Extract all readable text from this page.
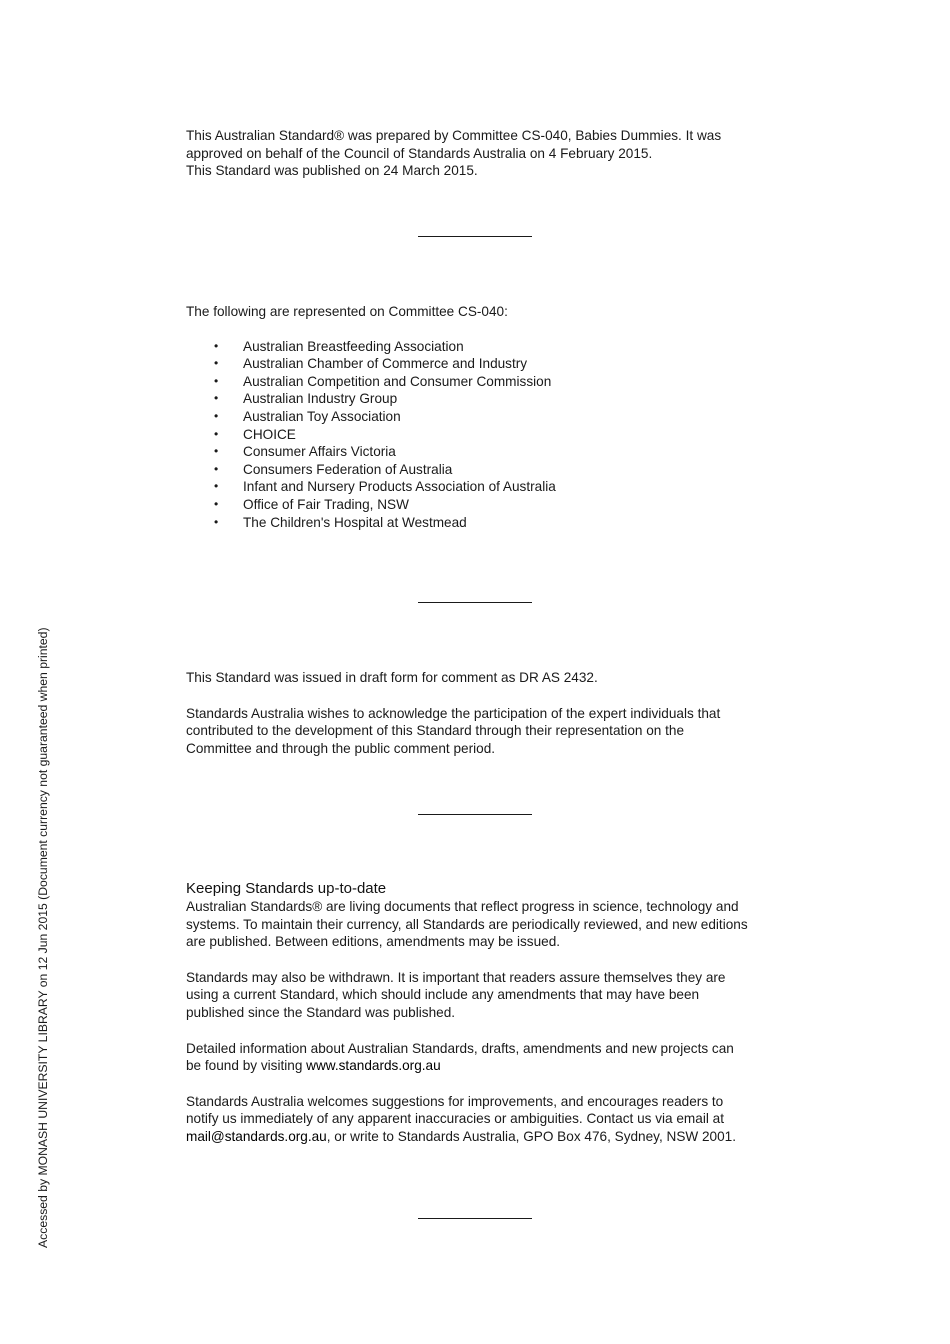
This Australian Standard® was prepared by Committee CS-040, Babies Dummies. It was

approved on behalf of the Council of Standards Australia on 4 February 2015.

This Standard was published on 24 March 2015.

The following are represented on Committee CS-040:

• Australian Breastfeeding Association
• Australian Chamber of Commerce and Industry
• Australian Competition and Consumer Commission
• Australian Industry Group
• Australian Toy Association
• CHOICE
• Consumer Affairs Victoria
• Consumers Federation of Australia
• Infant and Nursery Products Association of Australia
• Office of Fair Trading, NSW
• The Children's Hospital at Westmead

This Standard was issued in draft form for comment as DR AS 2432.

Standards Australia wishes to acknowledge the participation of the expert individuals that

contributed to the development of this Standard through their representation on the

Committee and through the public comment period.

Keeping Standards up-to-date

Australian Standards® are living documents that reflect progress in science, technology and

systems. To maintain their currency, all Standards are periodically reviewed, and new editions

are published. Between editions, amendments may be issued.

Standards may also be withdrawn. It is important that readers assure themselves they are

using a current Standard, which should include any amendments that may have been

published since the Standard was published.

Detailed information about Australian Standards, drafts, amendments and new projects can

be found by visiting www.standards.org.au

Standards Australia welcomes suggestions for improvements, and encourages readers to

notify us immediately of any apparent inaccuracies or ambiguities. Contact us via email at

mail@standards.org.au, or write to Standards Australia, GPO Box 476, Sydney, NSW 2001.

Accessed by MONASH UNIVERSITY LIBRARY on 12 Jun 2015 (Document currency not guaranteed when printed)
